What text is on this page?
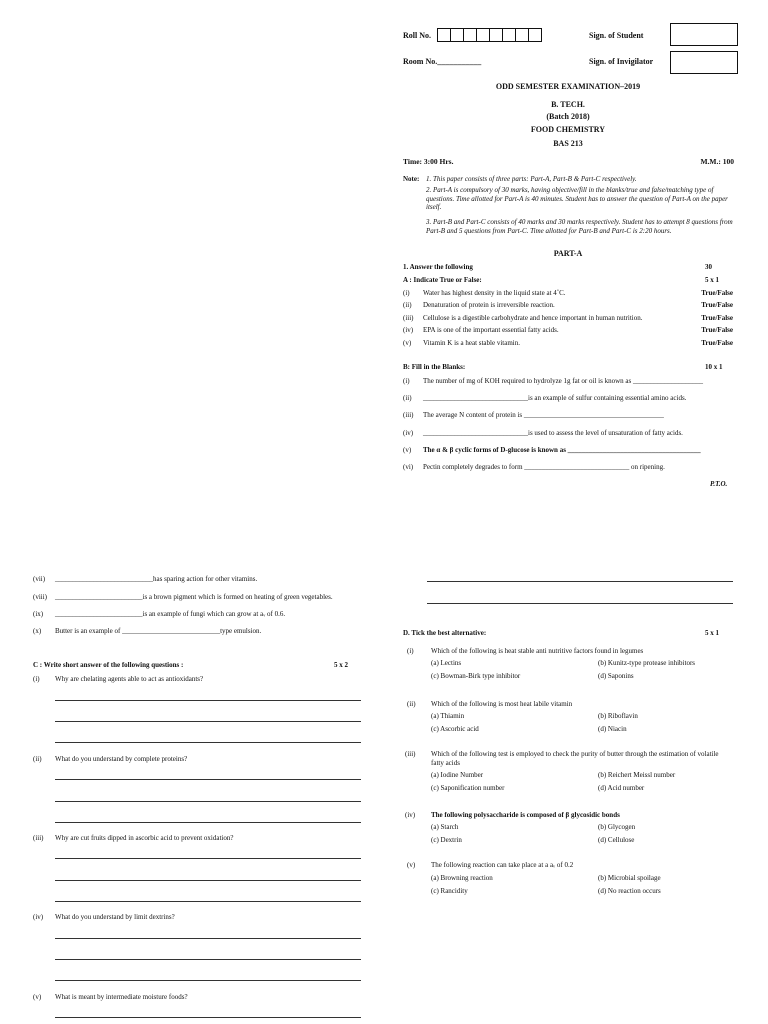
Roll No.	Sign. of Student
Room No.___________	Sign. of Invigilator
ODD SEMESTER EXAMINATION–2019
B. TECH.
(Batch 2018)
FOOD CHEMISTRY
BAS 213
Time: 3:00 Hrs.	M.M.: 100
Note: 1. This paper consists of three parts: Part-A, Part-B & Part-C respectively.
2. Part-A is compulsory of 30 marks, having objective/fill in the blanks/true and false/matching type of questions. Time allotted for Part-A is 40 minutes. Student has to answer the question of Part-A on the paper itself.
3. Part-B and Part-C consists of 40 marks and 30 marks respectively. Student has to attempt 8 questions from Part-B and 5 questions from Part-C. Time allotted for Part-B and Part-C is 2:20 hours.
PART-A
1. Answer the following	30
A : Indicate True or False:	5 x 1
(i) Water has highest density in the liquid state at 4˚C.	True/False
(ii) Denaturation of protein is irreversible reaction.	True/False
(iii) Cellulose is a digestible carbohydrate and hence important in human nutrition.	True/False
(iv) EPA is one of the important essential fatty acids.	True/False
(v) Vitamin K is a heat stable vitamin.	True/False
B: Fill in the Blanks:	10 x 1
(i) The number of mg of KOH required to hydrolyze 1g fat or oil is known as ____________________
(ii) ______________________________is an example of sulfur containing essential amino acids.
(iii) The average N content of protein is ________________________________________
(iv) ______________________________is used to assess the level of unsaturation of fatty acids.
(v) The α & β cyclic forms of D-glucose is known as ______________________________________
(vi) Pectin completely degrades to form ______________________________ on ripening.
P.T.O.
(vii) ____________________________has sparing action for other vitamins.
(viii) _________________________is a brown pigment which is formed on heating of green vegetables.
(ix) _________________________is an example of fungi which can grow at aᵥ of 0.6.
(x) Butter is an example of ____________________________type emulsion.
C : Write short answer of the following questions :	5 x 2
(i) Why are chelating agents able to act as antioxidants?
(ii) What do you understand by complete proteins?
(iii) Why are cut fruits dipped in ascorbic acid to prevent oxidation?
(iv) What do you understand by limit dextrins?
(v) What is meant by intermediate moisture foods?
D. Tick the best alternative:	5 x 1
(i) Which of the following is heat stable anti nutritive factors found in legumes
(a) Lectins	(b) Kunitz-type protease inhibitors
(c) Bowman-Birk type inhibitor	(d) Saponins
(ii) Which of the following is most heat labile vitamin
(a) Thiamin	(b) Riboflavin
(c) Ascorbic acid	(d) Niacin
(iii) Which of the following test is employed to check the purity of butter through the estimation of volatile fatty acids
(a) Iodine Number	(b) Reichert Meissl number
(c) Saponification number	(d) Acid number
(iv) The following polysaccharide is composed of β glycosidic bonds
(a) Starch	(b) Glycogen
(c) Dextrin	(d) Cellulose
(v) The following reaction can take place at a aᵥ of 0.2
(a) Browning reaction	(b) Microbial spoilage
(c) Rancidity	(d) No reaction occurs
